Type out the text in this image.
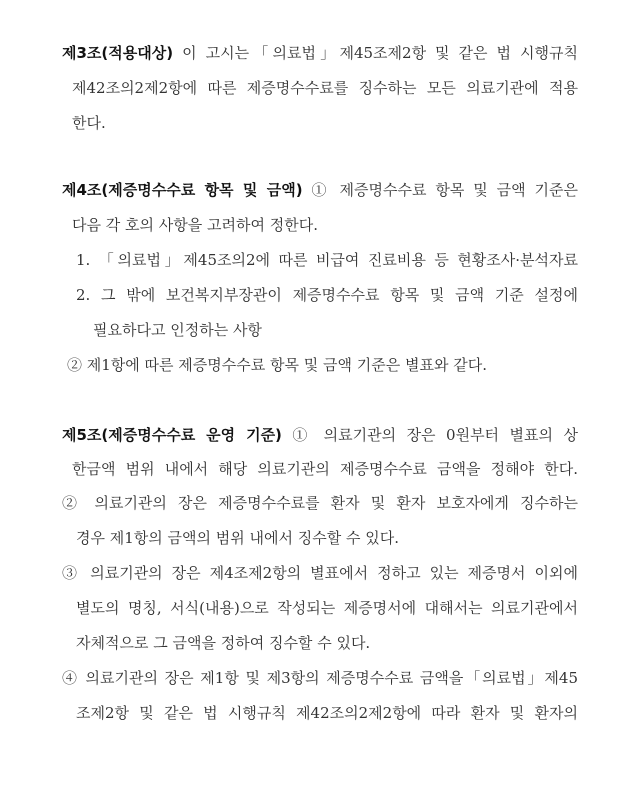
제3조(적용대상) 이 고시는「의료법」제45조제2항 및 같은 법 시행규칙
제42조의2제2항에 따른 제증명수수료를 징수하는 모든 의료기관에 적용
한다.
제4조(제증명수수료 항목 및 금액) ① 제증명수수료 항목 및 금액 기준은
다음 각 호의 사항을 고려하여 정한다.
1. 「의료법」제45조의2에 따른 비급여 진료비용 등 현황조사·분석자료
2. 그 밖에 보건복지부장관이 제증명수수료 항목 및 금액 기준 설정에
필요하다고 인정하는 사항
② 제1항에 따른 제증명수수료 항목 및 금액 기준은 별표와 같다.
제5조(제증명수수료 운영 기준) ① 의료기관의 장은 0원부터 별표의 상
한금액 범위 내에서 해당 의료기관의 제증명수수료 금액을 정해야 한다.
② 의료기관의 장은 제증명수수료를 환자 및 환자 보호자에게 징수하는
경우 제1항의 금액의 범위 내에서 징수할 수 있다.
③ 의료기관의 장은 제4조제2항의 별표에서 정하고 있는 제증명서 이외에
별도의 명칭, 서식(내용)으로 작성되는 제증명서에 대해서는 의료기관에서
자체적으로 그 금액을 정하여 징수할 수 있다.
④ 의료기관의 장은 제1항 및 제3항의 제증명수수료 금액을「의료법」제45
조제2항 및 같은 법 시행규칙 제42조의2제2항에 따라 환자 및 환자의
